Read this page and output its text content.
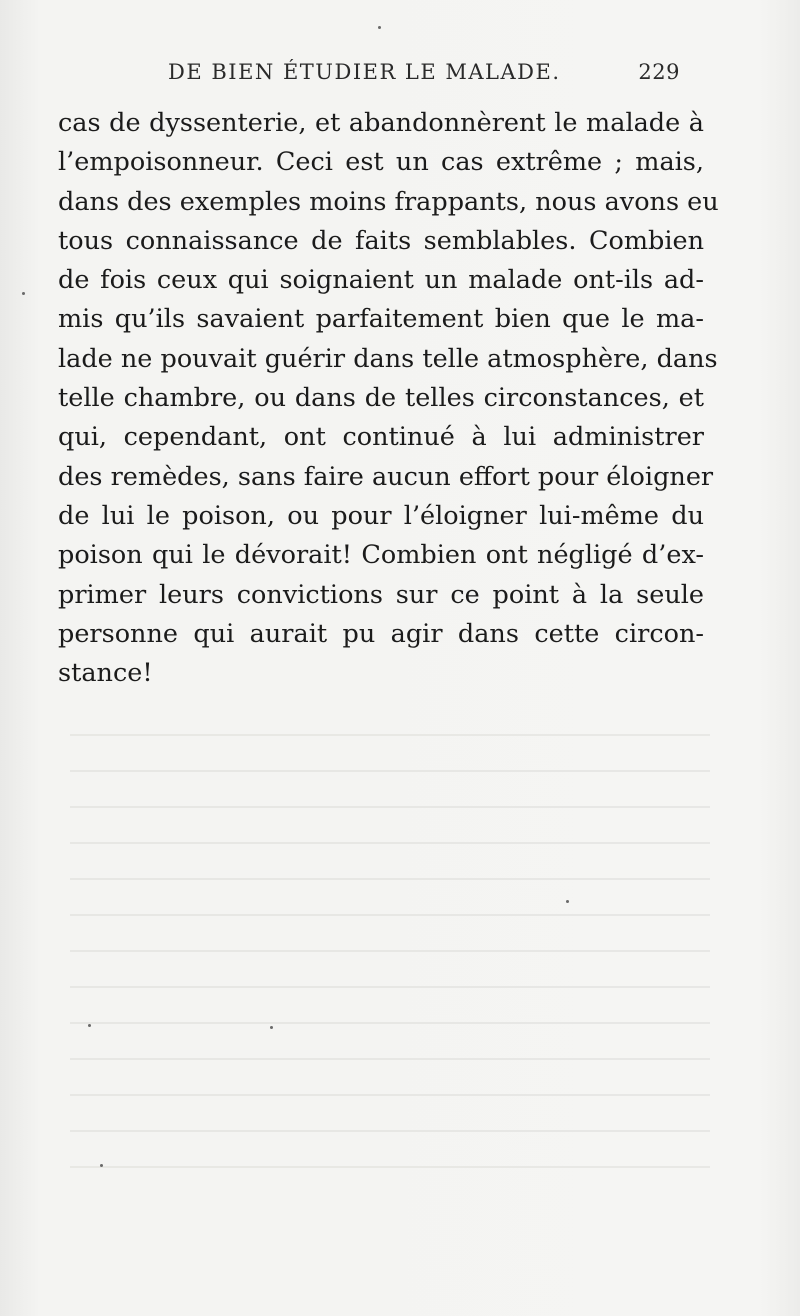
DE BIEN ÉTUDIER LE MALADE.	229
cas de dyssenterie, et abandonnèrent le malade à
l’empoisonneur. Ceci est un cas extrême ; mais,
dans des exemples moins frappants, nous avons eu
tous connaissance de faits semblables. Combien
de fois ceux qui soignaient un malade ont-ils ad-
mis qu’ils savaient parfaitement bien que le ma-
lade ne pouvait guérir dans telle atmosphère, dans
telle chambre, ou dans de telles circonstances, et
qui, cependant, ont continué à lui administrer
des remèdes, sans faire aucun effort pour éloigner
de lui le poison, ou pour l’éloigner lui-même du
poison qui le dévorait! Combien ont négligé d’ex-
primer leurs convictions sur ce point à la seule
personne qui aurait pu agir dans cette circon-
stance!
